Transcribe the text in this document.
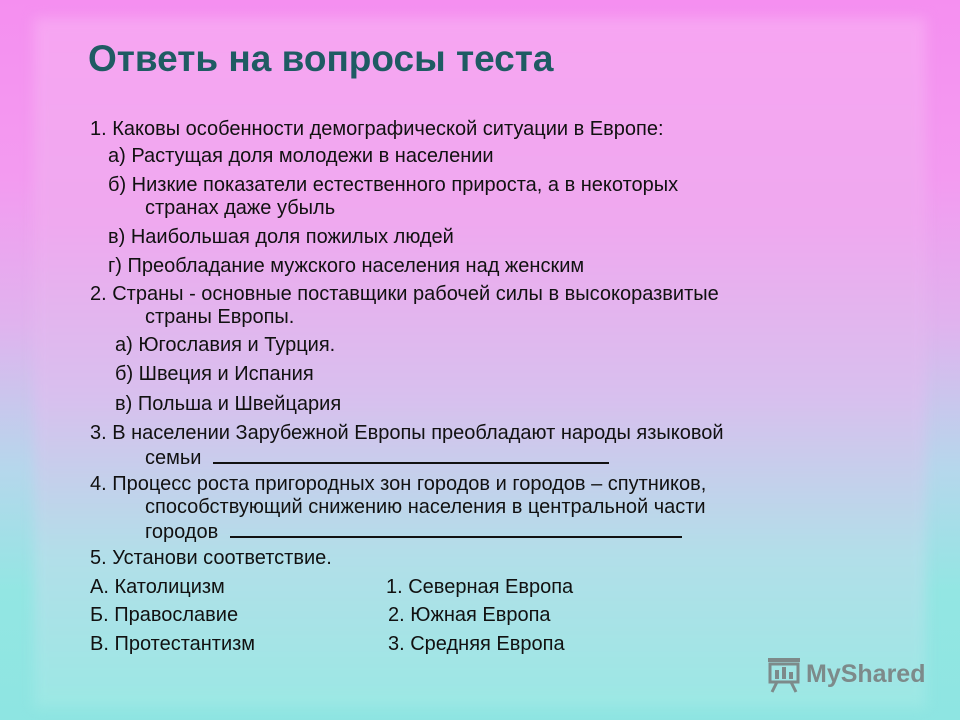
Ответь на вопросы теста
1. Каковы особенности демографической ситуации в Европе:
а) Растущая доля молодежи в населении
б) Низкие показатели естественного прироста, а в некоторых
странах даже убыль
в) Наибольшая доля пожилых людей
г) Преобладание мужского населения над женским
2. Страны - основные поставщики рабочей силы в высокоразвитые
страны Европы.
а) Югославия и Турция.
б) Швеция и Испания
в) Польша и Швейцария
3. В населении Зарубежной Европы преобладают народы языковой
семьи
4. Процесс роста пригородных зон городов и городов – спутников,
способствующий снижению населения в центральной части
городов
5. Установи соответствие.
А. Католицизм
Б. Православие
В. Протестантизм
1. Северная Европа
2. Южная Европа
3. Средняя Европа
MyShared
